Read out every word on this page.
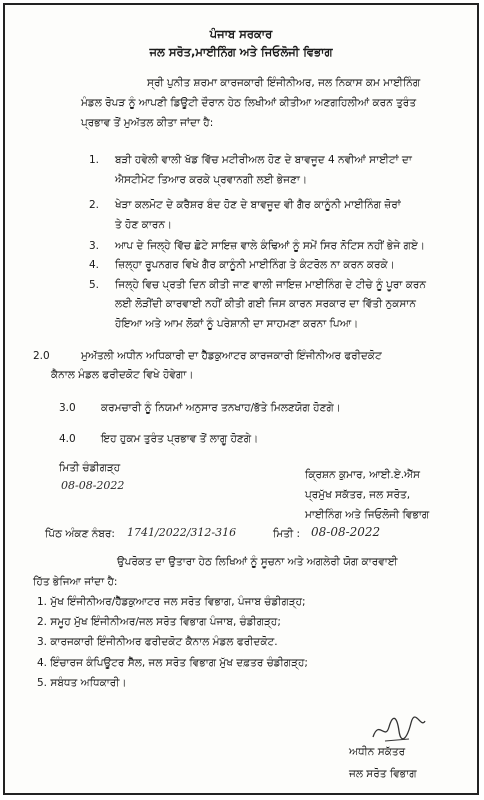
ਪੰਜਾਬ ਸਰਕਾਰ
ਜਲ ਸਰੋਤ,ਮਾਈਨਿੰਗ ਅਤੇ ਜਿਓਲੋਜੀ ਵਿਭਾਗ
ਸ੍ਰੀ ਪੁਨੀਤ ਸ਼ਰਮਾ ਕਾਰਜਕਾਰੀ ਇੰਜੀਨੀਅਰ, ਜਲ ਨਿਕਾਸ ਕਮ ਮਾਈਨਿੰਗ
ਮੰਡਲ ਰੋਪੜ ਨੂੰ ਆਪਣੀ ਡਿਊਟੀ ਦੌਰਾਨ ਹੇਠ ਲਿਖੀਆਂ ਕੀਤੀਆ ਅਣਗਹਿਲੀਆਂ ਕਰਨ ਤੁਰੰਤ
ਪ੍ਰਭਾਵ ਤੋਂ ਮੁਅੱਤਲ ਕੀਤਾ ਜਾਂਦਾ ਹੈ:
1. ਬੜੀ ਹਵੇਲੀ ਵਾਲੀ ਖੱਡ ਵਿੱਚ ਮਟੀਰੀਅਲ ਹੋਣ ਦੇ ਬਾਵਜੂਦ 4 ਨਵੀਆਂ ਸਾਈਟਾਂ ਦਾ
ਐਸਟੀਮੇਟ ਤਿਆਰ ਕਰਕੇ ਪ੍ਰਵਾਨਗੀ ਲਈ ਭੇਜਣਾ।
2. ਖੇੜਾ ਕਲਮੋਟ ਦੇ ਕਰੈਸ਼ਰ ਬੰਦ ਹੋਣ ਦੇ ਬਾਵਜੂਦ ਵੀ ਗੈਰ ਕਾਨੂੰਨੀ ਮਾਈਨਿੰਗ ਜ਼ੋਰਾਂ
ਤੇ ਹੋਣ ਕਾਰਨ।
3. ਆਪ ਦੇ ਜਿਲ੍ਹੇ ਵਿੱਚ ਛੋਟੇ ਸਾਇਜ਼ ਵਾਲੇ ਕੰਢਿਆਂ ਨੂੰ ਸਮੇਂ ਸਿਰ ਨੋਟਿਸ ਨਹੀਂ ਭੇਜੇ ਗਏ।
4. ਜ਼ਿਲ੍ਹਾ ਰੂਪਨਗਰ ਵਿਖੇ ਗੈਰ ਕਾਨੂੰਨੀ ਮਾਈਨਿੰਗ ਤੇ ਕੰਟਰੋਲ ਨਾ ਕਰਨ ਕਰਕੇ।
5. ਜਿਲ੍ਹੇ ਵਿਚ ਪ੍ਰਤੀ ਦਿਨ ਕੀਤੀ ਜਾਣ ਵਾਲੀ ਜਾਇਜ਼ ਮਾਈਨਿੰਗ ਦੇ ਟੀਚੇ ਨੂੰ ਪੂਰਾ ਕਰਨ
ਲਈ ਲੋੜੀਂਦੀ ਕਾਰਵਾਈ ਨਹੀਂ ਕੀਤੀ ਗਈ ਜਿਸ ਕਾਰਨ ਸਰਕਾਰ ਦਾ ਵਿੱਤੀ ਨੁਕਸਾਨ
ਹੋਇਆ ਅਤੇ ਆਮ ਲੋਕਾਂ ਨੂੰ ਪਰੇਸ਼ਾਨੀ ਦਾ ਸਾਹਮਣਾ ਕਰਨਾ ਪਿਆ।
2.0	ਮੁਅੱਤਲੀ ਅਧੀਨ ਅਧਿਕਾਰੀ ਦਾ ਹੈੱਡਕੁਆਟਰ ਕਾਰਜਕਾਰੀ ਇੰਜੀਨੀਅਰ ਫਰੀਦਕੋਟ
ਕੈਨਾਲ ਮੰਡਲ ਫਰੀਦਕੋਟ ਵਿਖੇ ਹੋਵੇਗਾ।
3.0 ਕਰਮਚਾਰੀ ਨੂੰ ਨਿਯਮਾਂ ਅਨੁਸਾਰ ਤਨਖਾਹ/ਭੱਤੇ ਮਿਲਣਯੋਗ ਹੋਣਗੇ।
4.0 ਇਹ ਹੁਕਮ ਤੁਰੰਤ ਪ੍ਰਭਾਵ ਤੋਂ ਲਾਗੂ ਹੋਣਗੇ।
ਮਿਤੀ ਚੰਡੀਗੜ੍ਹ
08-08-2022
ਕ੍ਰਿਸ਼ਨ ਕੁਮਾਰ, ਆਈ.ਏ.ਐੱਸ
ਪ੍ਰਮੁੱਖ ਸਕੱਤਰ, ਜਲ ਸਰੋਤ,
ਮਾਈਨਿੰਗ ਅਤੇ ਜਿਓਲੋਜੀ ਵਿਭਾਗ
ਪਿੱਠ ਅੰਕਣ ਨੰਬਰ: 1741/2022/312-316	ਮਿਤੀ : 08-08-2022
ਉਪਰੋਕਤ ਦਾ ਉਤਾਰਾ ਹੇਠ ਲਿਖਿਆਂ ਨੂੰ ਸੂਚਨਾ ਅਤੇ ਅਗਲੇਰੀ ਯੋਗ ਕਾਰਵਾਈ
ਹਿੱਤ ਭੇਜਿਆ ਜਾਂਦਾ ਹੈ:
1. ਮੁੱਖ ਇੰਜੀਨੀਅਰ/ਹੈੱਡਕੁਆਟਰ ਜਲ ਸਰੋਤ ਵਿਭਾਗ, ਪੰਜਾਬ ਚੰਡੀਗੜ੍ਹ;
2. ਸਮੂਹ ਮੁੱਖ ਇੰਜੀਨੀਅਰ/ਜਲ ਸਰੋਤ ਵਿਭਾਗ ਪੰਜਾਬ, ਚੰਡੀਗੜ੍ਹ;
3. ਕਾਰਜਕਾਰੀ ਇੰਜੀਨੀਅਰ ਫਰੀਦਕੋਟ ਕੈਨਾਲ ਮੰਡਲ ਫਰੀਦਕੋਟ.
4. ਇੰਚਾਰਜ ਕੰਪਿਊਟਰ ਸੈੱਲ, ਜਲ ਸਰੋਤ ਵਿਭਾਗ ਮੁੱਖ ਦਫ਼ਤਰ ਚੰਡੀਗੜ੍ਹ;
5. ਸਬੰਧਤ ਅਧਿਕਾਰੀ।
ਅਧੀਨ ਸਕੱਤਰ
ਜਲ ਸਰੋਤ ਵਿਭਾਗ
